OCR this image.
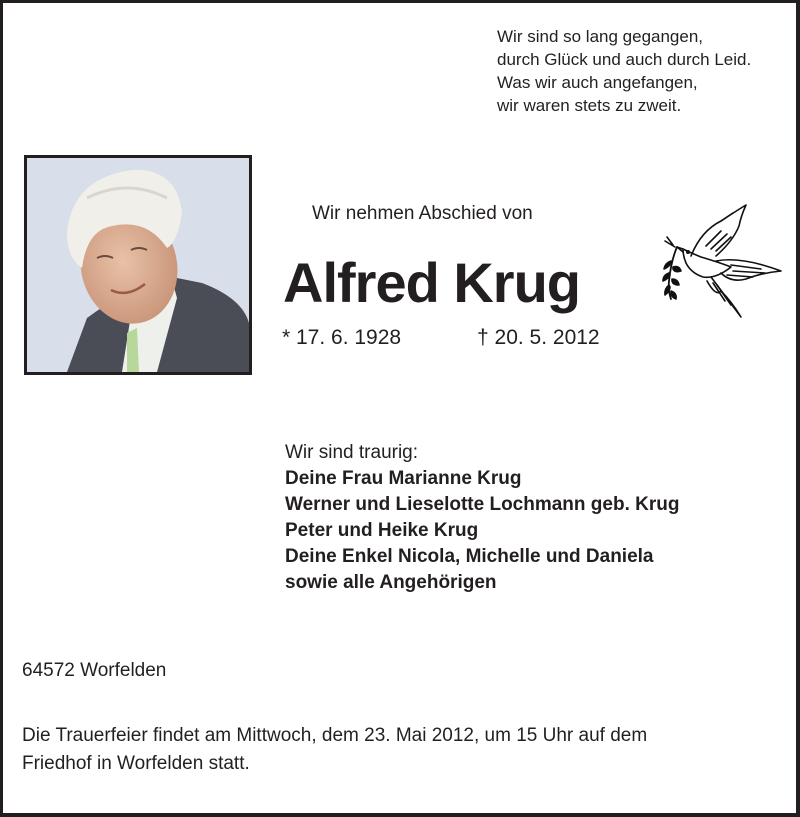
Wir sind so lang gegangen,
durch Glück und auch durch Leid.
Was wir auch angefangen,
wir waren stets zu zweit.
Wir nehmen Abschied von
Alfred Krug
* 17. 6. 1928	† 20. 5. 2012
Wir sind traurig:
Deine Frau Marianne Krug
Werner und Lieselotte Lochmann geb. Krug
Peter und Heike Krug
Deine Enkel Nicola, Michelle und Daniela
sowie alle Angehörigen
64572 Worfelden
Die Trauerfeier findet am Mittwoch, dem 23. Mai 2012, um 15 Uhr auf dem
Friedhof in Worfelden statt.
